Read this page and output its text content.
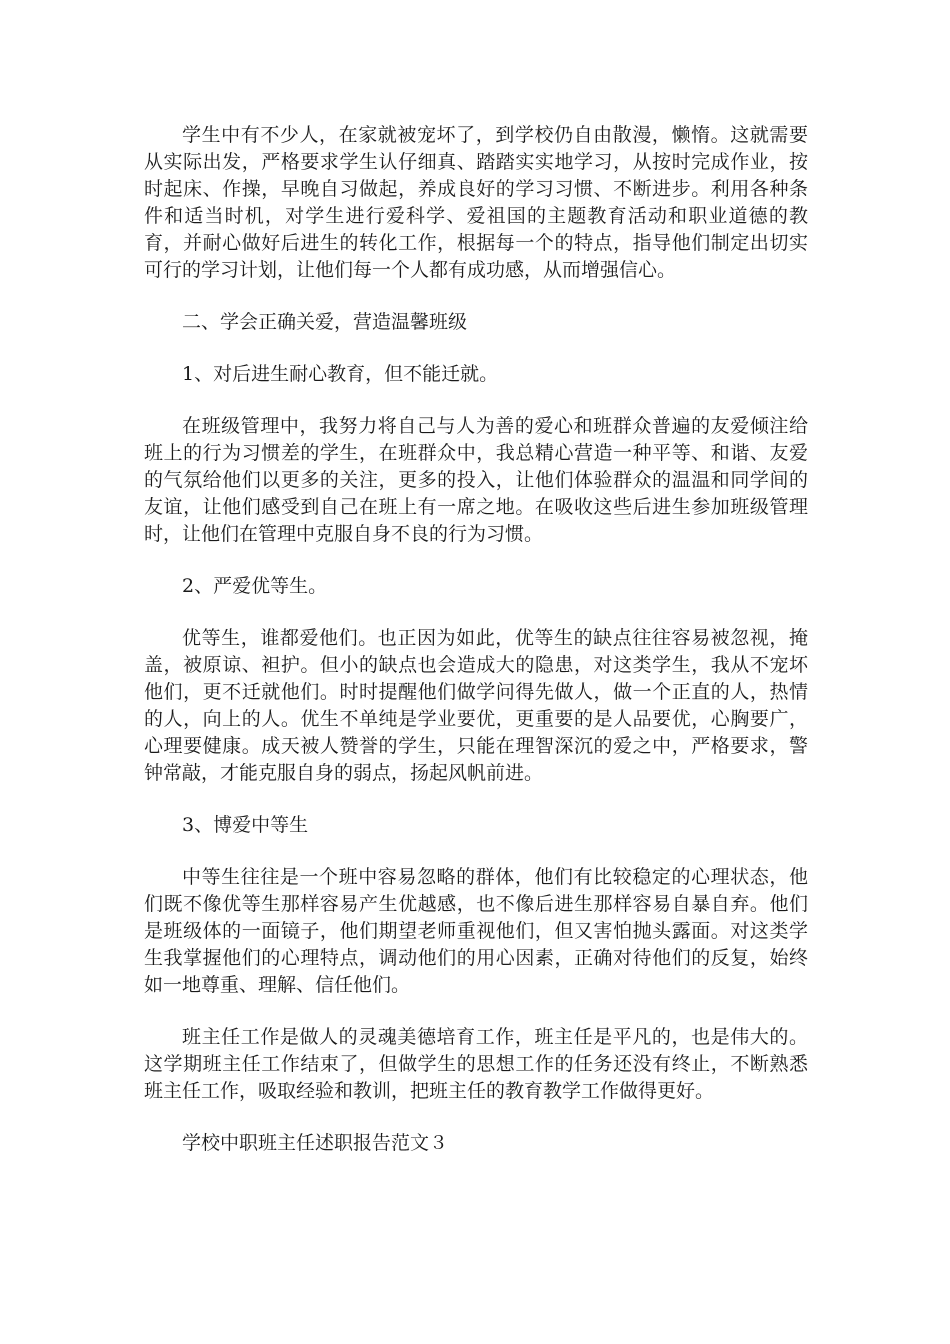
学生中有不少人，在家就被宠坏了，到学校仍自由散漫，懒惰。这就需要从实际出发，严格要求学生认仔细真、踏踏实实地学习，从按时完成作业，按时起床、作操，早晚自习做起，养成良好的学习习惯、不断进步。利用各种条件和适当时机，对学生进行爱科学、爱祖国的主题教育活动和职业道德的教育，并耐心做好后进生的转化工作，根据每一个的特点，指导他们制定出切实可行的学习计划，让他们每一个人都有成功感，从而增强信心。

二、学会正确关爱，营造温馨班级

1、对后进生耐心教育，但不能迁就。

在班级管理中，我努力将自己与人为善的爱心和班群众普遍的友爱倾注给班上的行为习惯差的学生，在班群众中，我总精心营造一种平等、和谐、友爱的气氛给他们以更多的关注，更多的投入，让他们体验群众的温温和同学间的友谊，让他们感受到自己在班上有一席之地。在吸收这些后进生参加班级管理时，让他们在管理中克服自身不良的行为习惯。

2、严爱优等生。

优等生，谁都爱他们。也正因为如此，优等生的缺点往往容易被忽视，掩盖，被原谅、袒护。但小的缺点也会造成大的隐患，对这类学生，我从不宠坏他们，更不迁就他们。时时提醒他们做学问得先做人，做一个正直的人，热情的人，向上的人。优生不单纯是学业要优，更重要的是人品要优，心胸要广，心理要健康。成天被人赞誉的学生，只能在理智深沉的爱之中，严格要求，警钟常敲，才能克服自身的弱点，扬起风帆前进。

3、博爱中等生

中等生往往是一个班中容易忽略的群体，他们有比较稳定的心理状态，他们既不像优等生那样容易产生优越感，也不像后进生那样容易自暴自弃。他们是班级体的一面镜子，他们期望老师重视他们，但又害怕抛头露面。对这类学生我掌握他们的心理特点，调动他们的用心因素，正确对待他们的反复，始终如一地尊重、理解、信任他们。

班主任工作是做人的灵魂美德培育工作，班主任是平凡的，也是伟大的。这学期班主任工作结束了，但做学生的思想工作的任务还没有终止，不断熟悉班主任工作，吸取经验和教训，把班主任的教育教学工作做得更好。

学校中职班主任述职报告范文３
